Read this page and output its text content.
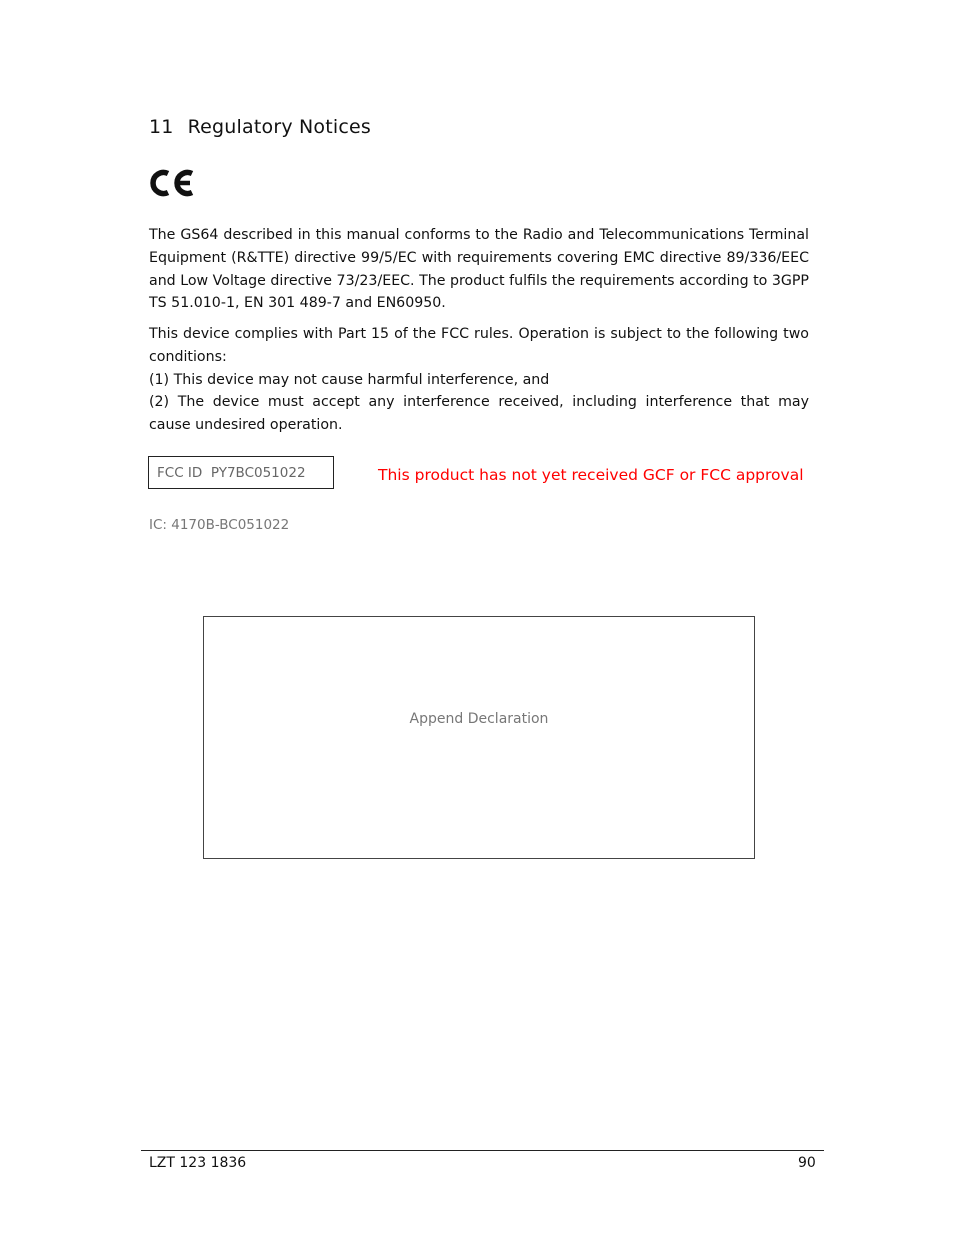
11 Regulatory Notices

The GS64 described in this manual conforms to the Radio and Telecommunications Terminal Equipment (R&TTE) directive 99/5/EC with requirements covering EMC directive 89/336/EEC and Low Voltage directive 73/23/EEC. The product fulfils the requirements according to 3GPP TS 51.010-1, EN 301 489-7 and EN60950.

This device complies with Part 15 of the FCC rules. Operation is subject to the following two conditions:
(1) This device may not cause harmful interference, and
(2) The device must accept any interference received, including interference that may cause undesired operation.

FCC ID  PY7BC051022	This product has not yet received GCF or FCC approval
IC: 4170B-BC051022
Append Declaration
LZT 123 1836	90
